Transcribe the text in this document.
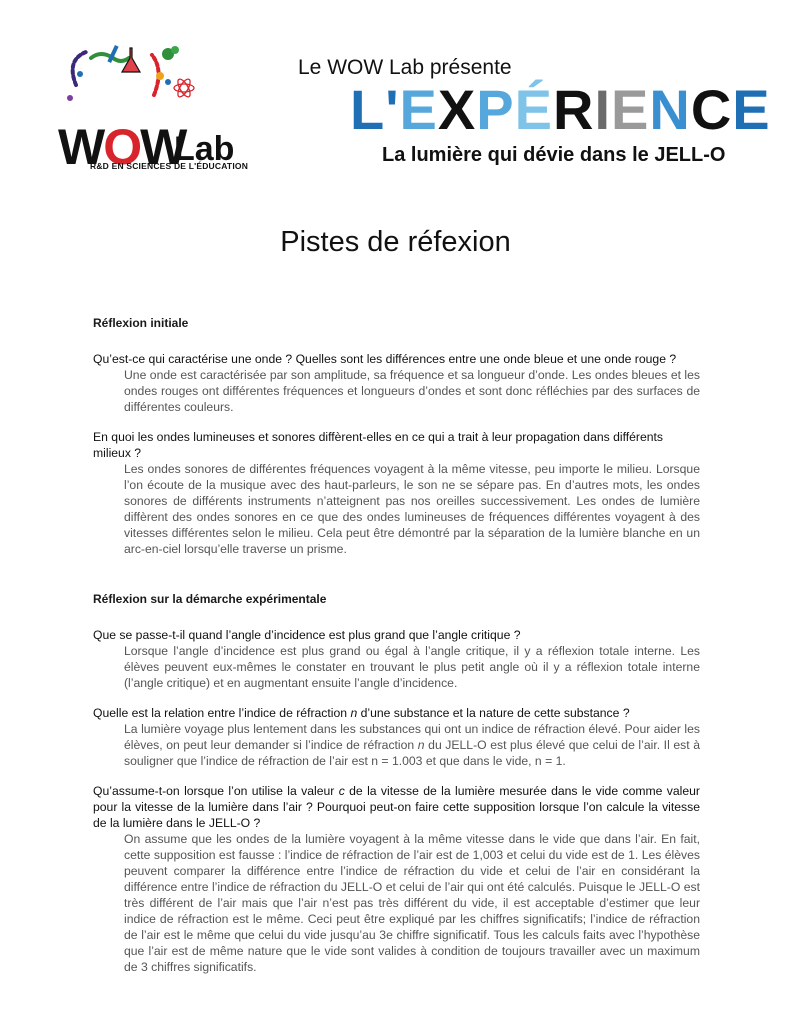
WOW
Lab
R&D EN SCIENCES DE L'ÉDUCATION
Le WOW Lab présente
L'EXPÉRIENCE
La lumière qui dévie dans le JELL-O
Pistes de réfexion

Réflexion initiale

Qu’est-ce qui caractérise une onde ? Quelles sont les différences entre une onde bleue et une onde rouge ?

Une onde est caractérisée par son amplitude, sa fréquence et sa longueur d’onde. Les ondes bleues et les ondes rouges ont différentes fréquences et longueurs d’ondes et sont donc réfléchies par des surfaces de différentes couleurs.

En quoi les ondes lumineuses et sonores diffèrent-elles en ce qui a trait à leur propagation dans différents milieux ?

Les ondes sonores de différentes fréquences voyagent à la même vitesse, peu importe le milieu. Lorsque l’on écoute de la musique avec des haut-parleurs, le son ne se sépare pas. En d’autres mots, les ondes sonores de différents instruments n’atteignent pas nos oreilles successivement. Les ondes de lumière diffèrent des ondes sonores en ce que des ondes lumineuses de fréquences différentes voyagent à des vitesses différentes selon le milieu. Cela peut être démontré par la séparation de la lumière blanche en un arc-en-ciel lorsqu’elle traverse un prisme.

Réflexion sur la démarche expérimentale

Que se passe-t-il quand l’angle d’incidence est plus grand que l’angle critique ?

Lorsque l’angle d’incidence est plus grand ou égal à l’angle critique, il y a réflexion totale interne. Les élèves peuvent eux-mêmes le constater en trouvant le plus petit angle où il y a réflexion totale interne (l’angle critique) et en augmentant ensuite l’angle d’incidence.

Quelle est la relation entre l’indice de réfraction n d’une substance et la nature de cette substance ?

La lumière voyage plus lentement dans les substances qui ont un indice de réfraction élevé. Pour aider les élèves, on peut leur demander si l’indice de réfraction n du JELL-O est plus élevé que celui de l’air. Il est à souligner que l’indice de réfraction de l’air est n = 1.003 et que dans le vide, n = 1.

Qu’assume-t-on lorsque l’on utilise la valeur c de la vitesse de la lumière mesurée dans le vide comme valeur pour la vitesse de la lumière dans l’air ? Pourquoi peut-on faire cette supposition lorsque l’on calcule la vitesse de la lumière dans le JELL-O ?

On assume que les ondes de la lumière voyagent à la même vitesse dans le vide que dans l’air. En fait, cette supposition est fausse : l’indice de réfraction de l’air est de 1,003 et celui du vide est de 1. Les élèves peuvent comparer la différence entre l’indice de réfraction du vide et celui de l’air en considérant la différence entre l’indice de réfraction du JELL-O et celui de l’air qui ont été calculés. Puisque le JELL-O est très différent de l’air mais que l’air n’est pas très différent du vide, il est acceptable d’estimer que leur indice de réfraction est le même. Ceci peut être expliqué par les chiffres significatifs; l’indice de réfraction de l’air est le même que celui du vide jusqu’au 3e chiffre significatif. Tous les calculs faits avec l’hypothèse que l’air est de même nature que le vide sont valides à condition de toujours travailler avec un maximum de 3 chiffres significatifs.
